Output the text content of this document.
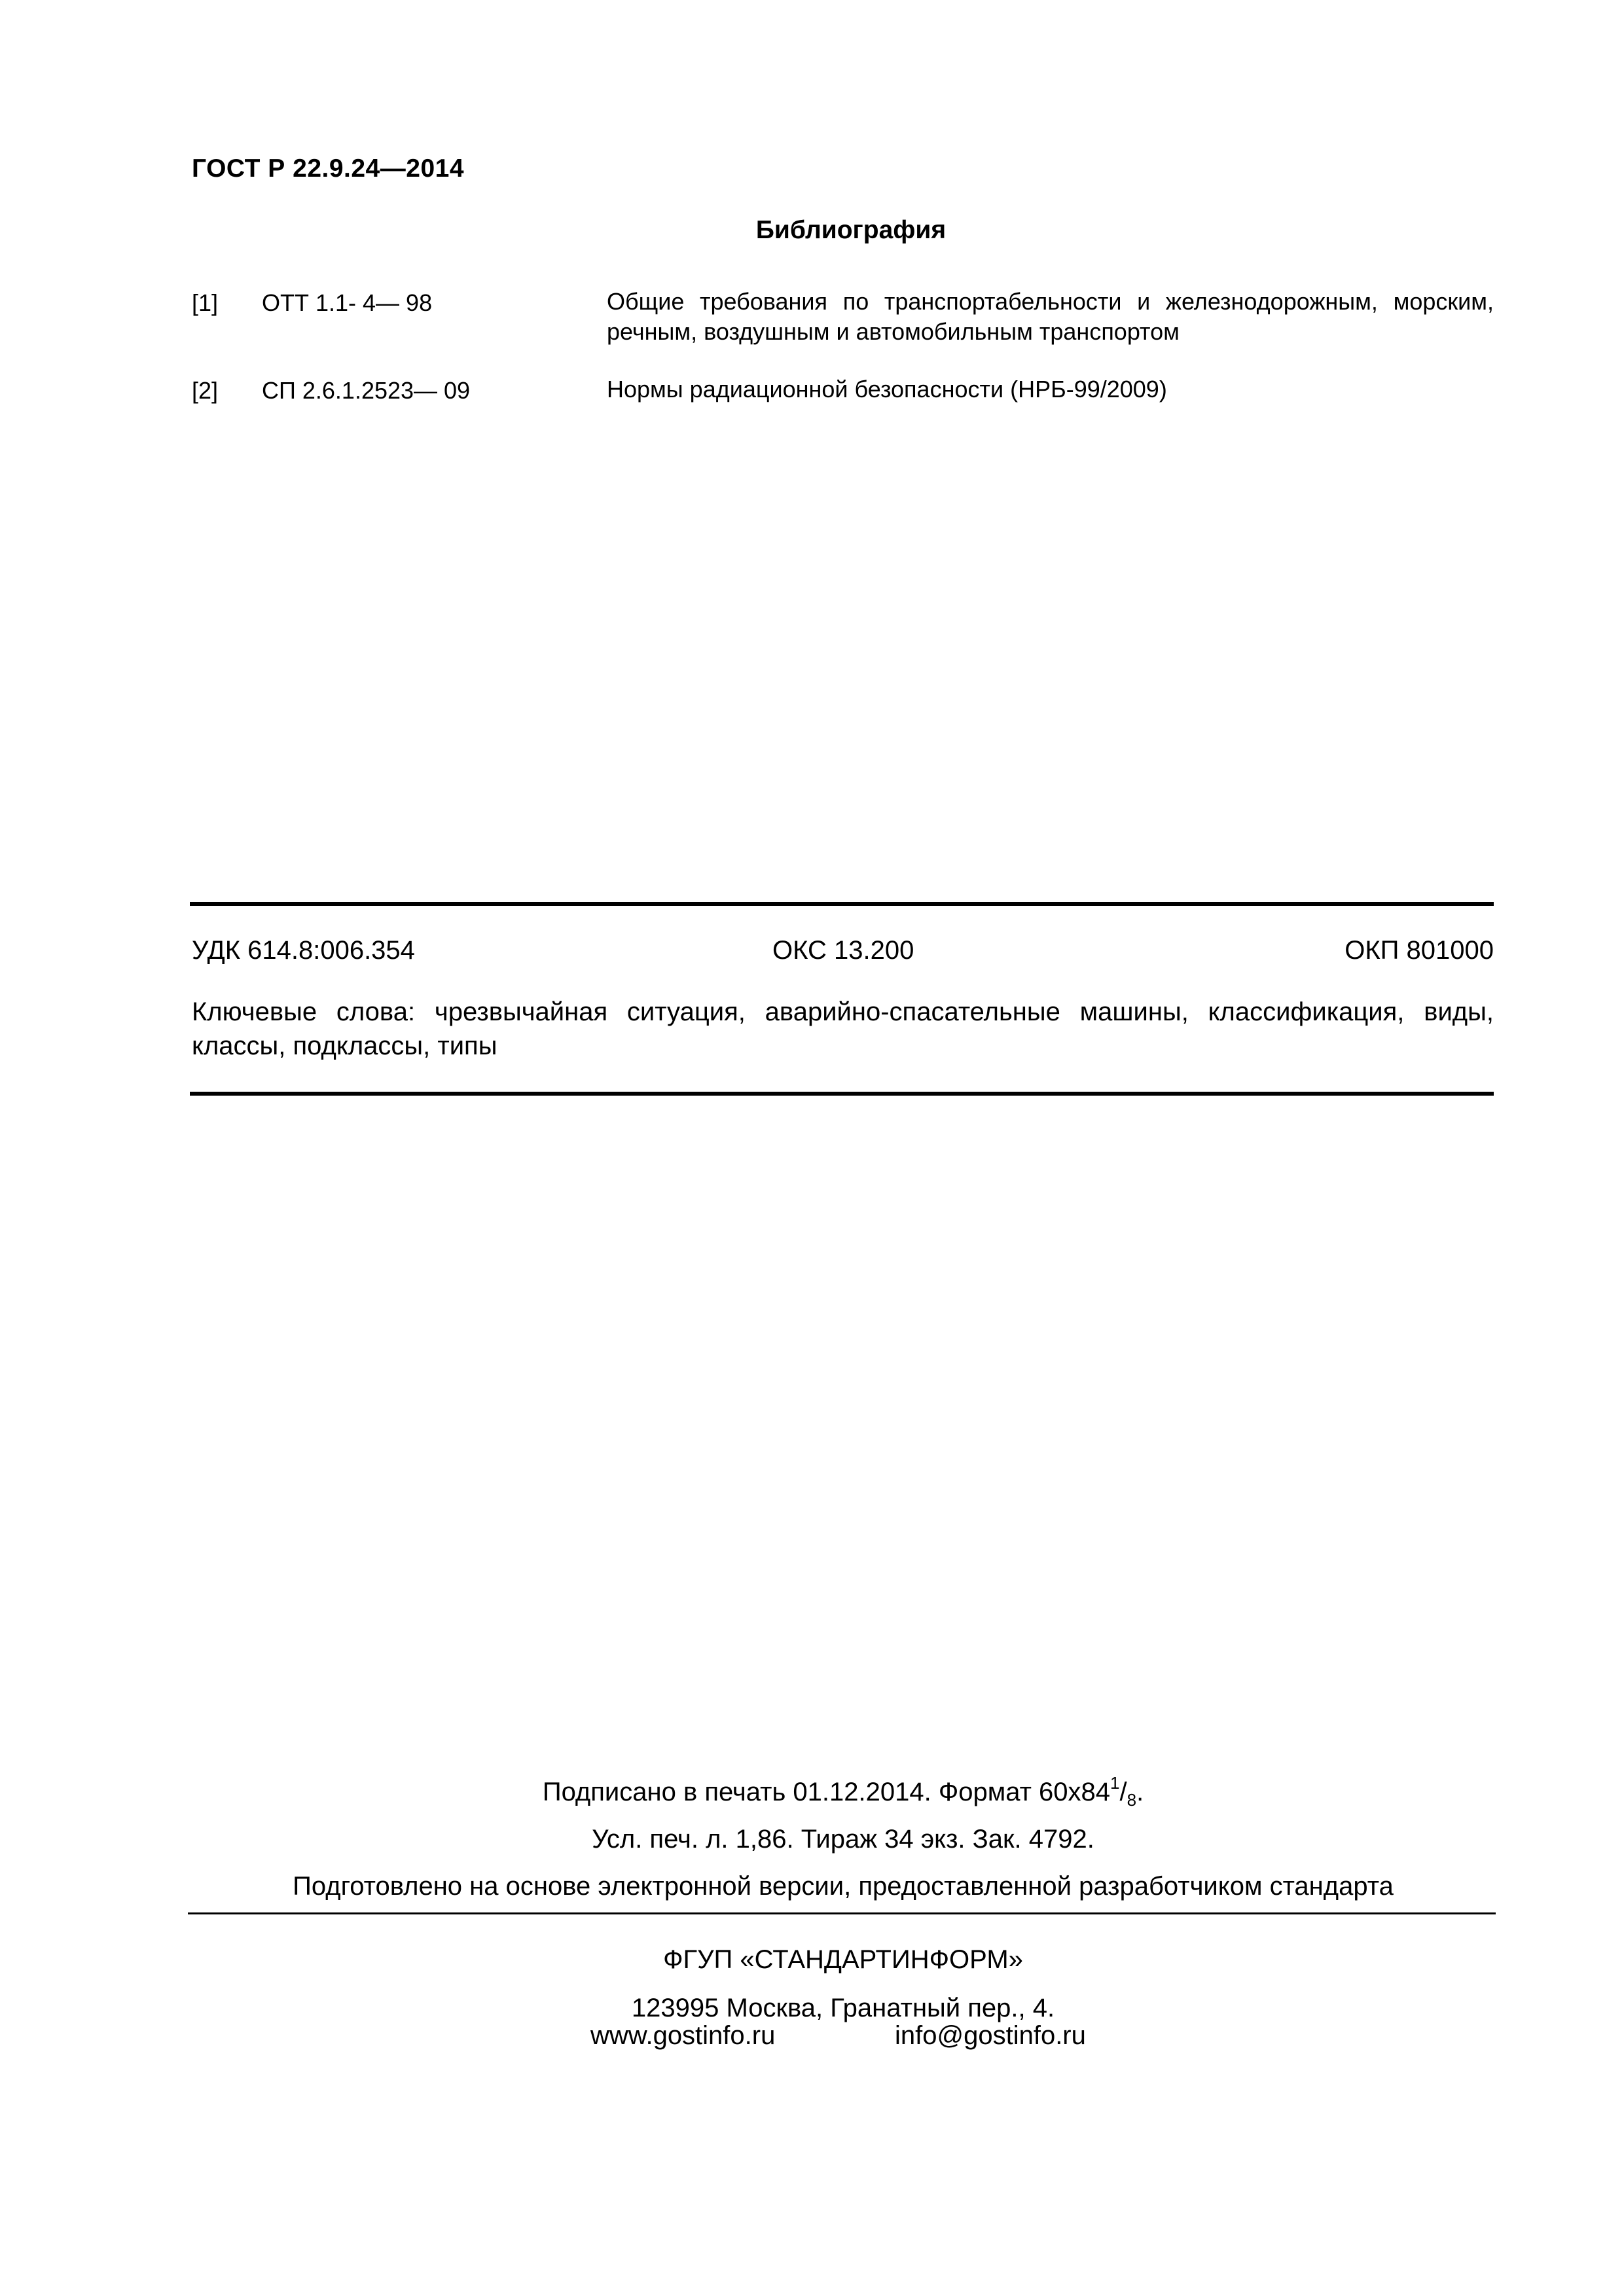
ГОСТ Р 22.9.24—2014
Библиография
[1] ОТТ 1.1- 4— 98	Общие требования по транспортабельности и железнодорожным, морским, речным, воздушным и автомобильным транспортом
[2] СП 2.6.1.2523— 09	Нормы радиационной безопасности (НРБ-99/2009)
УДК 614.8:006.354	ОКС 13.200	ОКП 801000
Ключевые слова: чрезвычайная ситуация, аварийно-спасательные машины, классификация, виды, классы, подклассы, типы
Подписано в печать 01.12.2014. Формат $60х84^1/_8$.
Усл. печ. л. 1,86. Тираж 34 экз. Зак. 4792.
Подготовлено на основе электронной версии, предоставленной разработчиком стандарта
ФГУП «СТАНДАРТИНФОРМ»
123995 Москва, Гранатный пер., 4.
www.gostinfo.ru	info@gostinfo.ru
